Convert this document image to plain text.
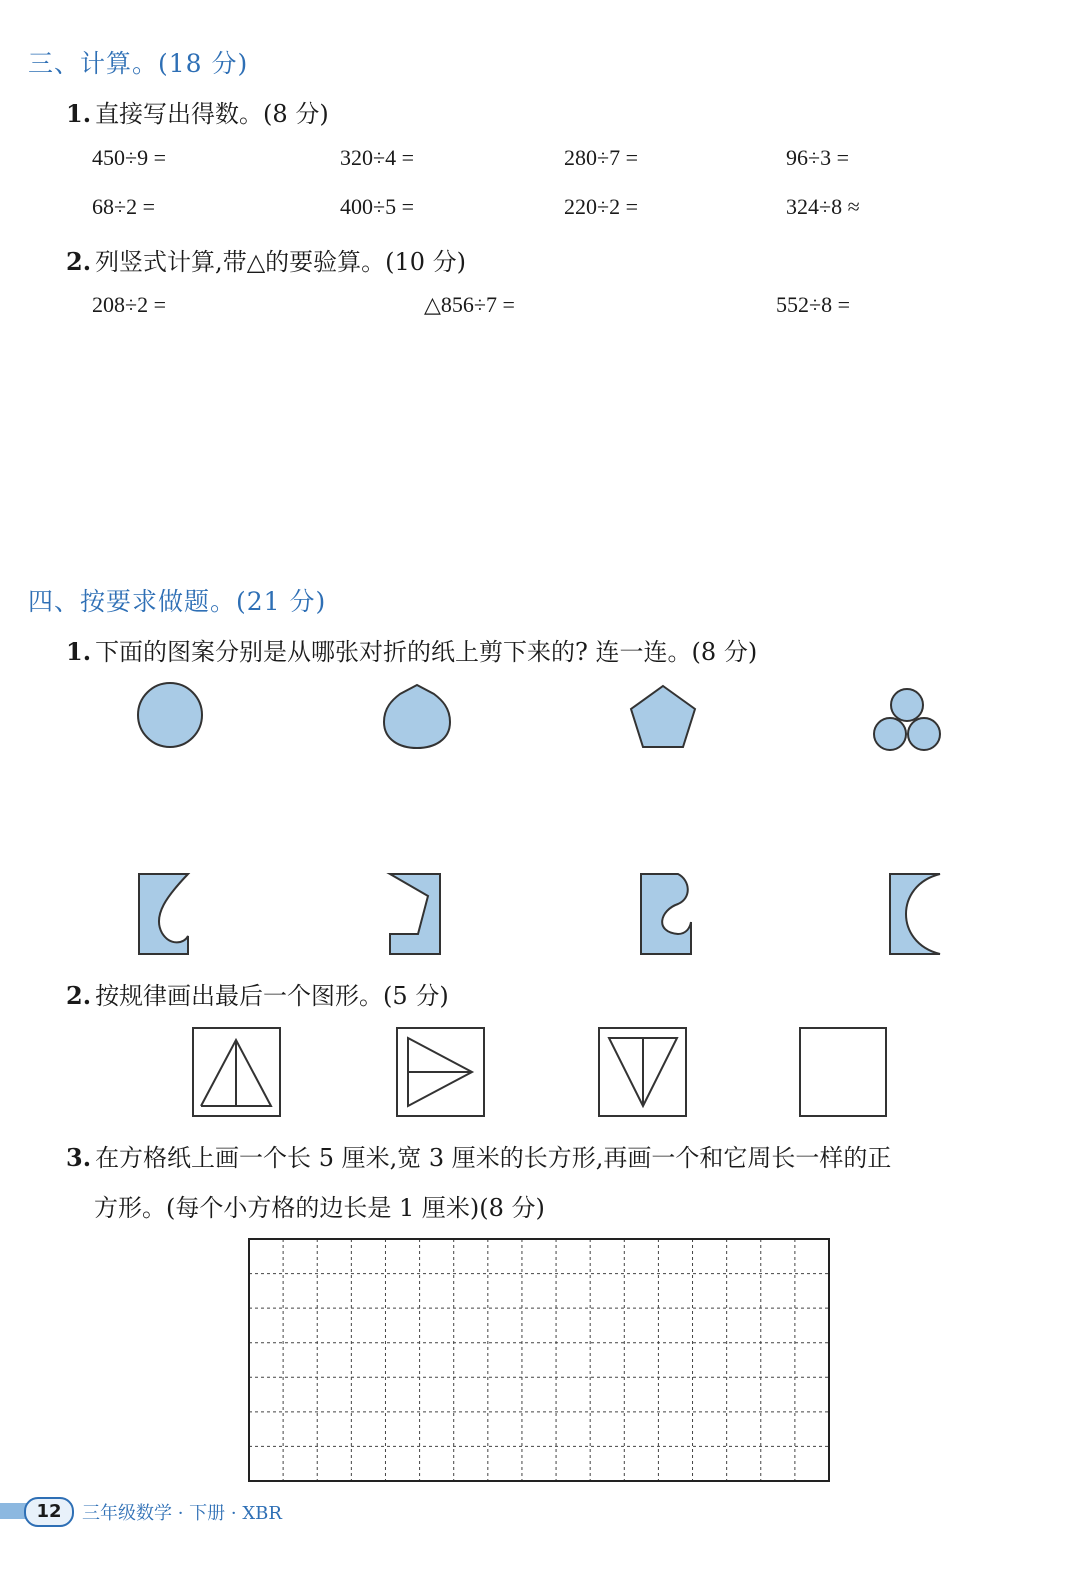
三、计算。(18 分)
1. 直接写出得数。(8 分)
450÷9 =	320÷4 =	280÷7 =	96÷3 =
68÷2 =	400÷5 =	220÷2 =	324÷8 ≈
2. 列竖式计算,带△的要验算。(10 分)
208÷2 =	△856÷7 =	552÷8 =
四、按要求做题。(21 分)
1. 下面的图案分别是从哪张对折的纸上剪下来的? 连一连。(8 分)
2. 按规律画出最后一个图形。(5 分)
3. 在方格纸上画一个长 5 厘米,宽 3 厘米的长方形,再画一个和它周长一样的正
方形。(每个小方格的边长是 1 厘米)(8 分)
12	三年级数学 · 下册 · XBR
